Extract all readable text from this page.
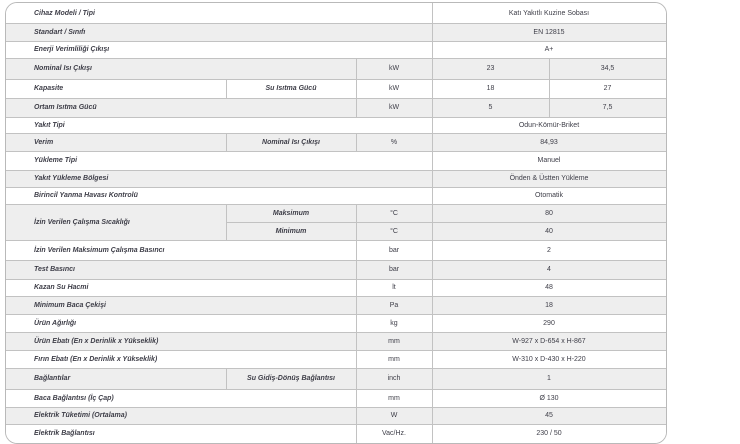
Cihaz Modeli / Tipi	Katı Yakıtlı Kuzine Sobası
Standart / Sınıfı	EN 12815
Enerji Verimliliği Çıkışı	A+
Nominal Isı Çıkışı	kW	23	34,5
Kapasite	Su Isıtma Gücü	kW	18	27
Ortam Isıtma Gücü	kW	5	7,5
Yakıt Tipi	Odun-Kömür-Briket
Verim	Nominal Isı Çıkışı	%	84,93
Yükleme Tipi	Manuel
Yakıt Yükleme Bölgesi	Önden & Üstten Yükleme
Birincil Yanma Havası Kontrolü	Otomatik
İzin Verilen Çalışma Sıcaklığı
Maksimum	°C	80
Minimum	°C	40
İzin Verilen Maksimum Çalışma Basıncı	bar	2
Test Basıncı	bar	4
Kazan Su Hacmi	lt	48
Minimum Baca Çekişi	Pa	18
Ürün Ağırlığı	kg	290
Ürün Ebatı (En x Derinlik x Yükseklik)	mm	W-927 x D-654 x H-867
Fırın Ebatı (En x Derinlik x Yükseklik)	mm	W-310 x D-430 x H-220
Bağlantılar	Su Gidiş-Dönüş Bağlantısı	inch	1
Baca Bağlantısı (İç Çap)	mm	Ø 130
Elektrik Tüketimi (Ortalama)	W	45
Elektrik Bağlantısı	Vac/Hz.	230 / 50
